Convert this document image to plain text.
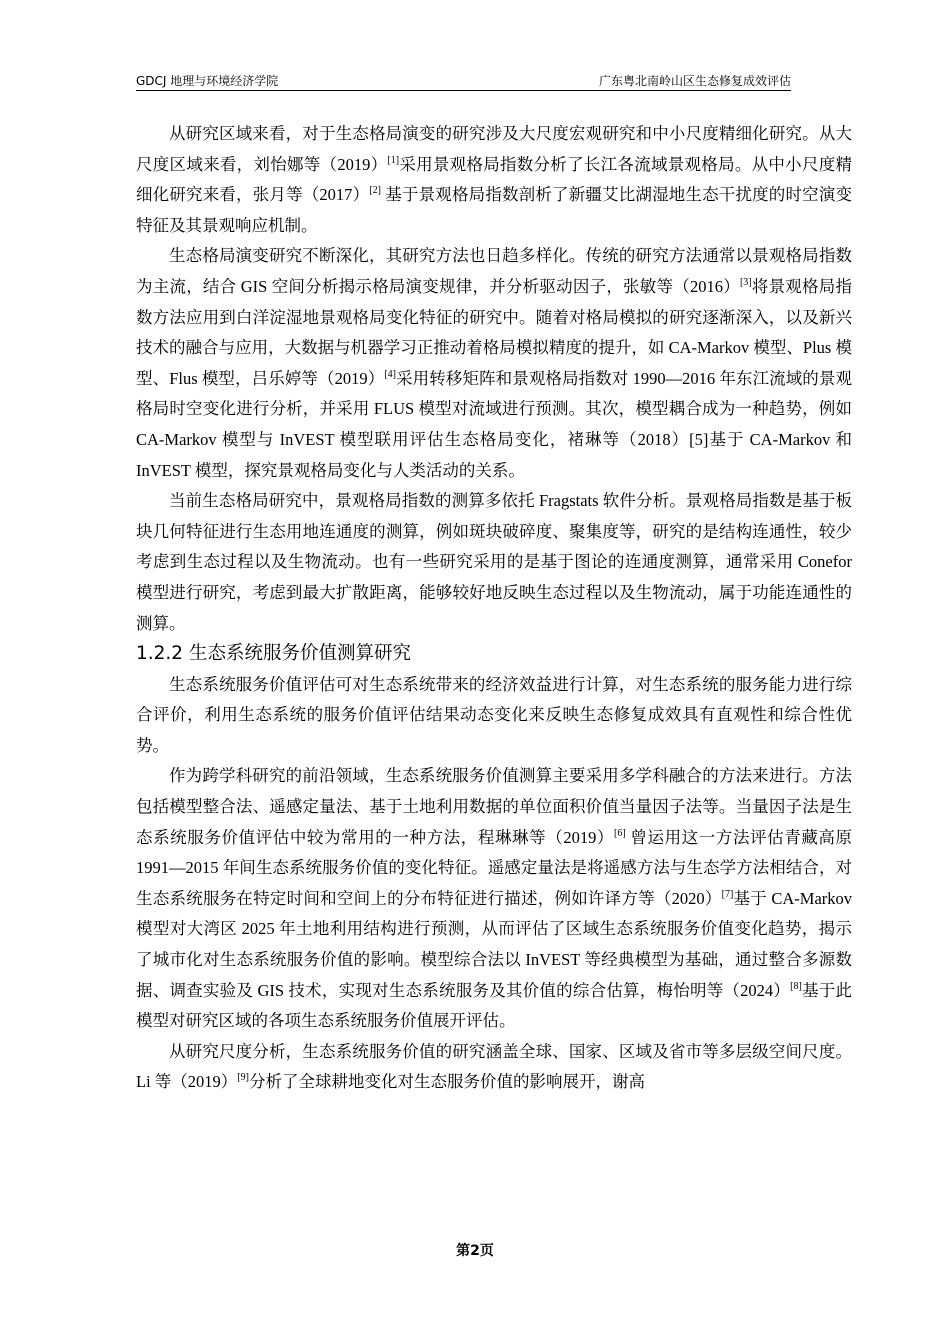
GDCJ 地理与环境经济学院	广东粤北南岭山区生态修复成效评估

从研究区域来看，对于生态格局演变的研究涉及大尺度宏观研究和中小尺度精细化研究。从大尺度区域来看，刘怡娜等（2019）[1]采用景观格局指数分析了长江各流域景观格局。从中小尺度精细化研究来看，张月等（2017）[2] 基于景观格局指数剖析了新疆艾比湖湿地生态干扰度的时空演变特征及其景观响应机制。

生态格局演变研究不断深化，其研究方法也日趋多样化。传统的研究方法通常以景观格局指数为主流，结合 GIS 空间分析揭示格局演变规律，并分析驱动因子，张敏等（2016）[3]将景观格局指数方法应用到白洋淀湿地景观格局变化特征的研究中。随着对格局模拟的研究逐渐深入，以及新兴技术的融合与应用，大数据与机器学习正推动着格局模拟精度的提升，如 CA-Markov 模型、Plus 模型、Flus 模型，吕乐婷等（2019）[4]采用转移矩阵和景观格局指数对 1990—2016 年东江流域的景观格局时空变化进行分析，并采用 FLUS 模型对流域进行预测。其次，模型耦合成为一种趋势，例如 CA-Markov 模型与 InVEST 模型联用评估生态格局变化，褚琳等（2018）[5]基于 CA-Markov 和 InVEST 模型，探究景观格局变化与人类活动的关系。

当前生态格局研究中，景观格局指数的测算多依托 Fragstats 软件分析。景观格局指数是基于板块几何特征进行生态用地连通度的测算，例如斑块破碎度、聚集度等，研究的是结构连通性，较少考虑到生态过程以及生物流动。也有一些研究采用的是基于图论的连通度测算，通常采用 Conefor 模型进行研究，考虑到最大扩散距离，能够较好地反映生态过程以及生物流动，属于功能连通性的测算。

1.2.2 生态系统服务价值测算研究

生态系统服务价值评估可对生态系统带来的经济效益进行计算，对生态系统的服务能力进行综合评价，利用生态系统的服务价值评估结果动态变化来反映生态修复成效具有直观性和综合性优势。

作为跨学科研究的前沿领域，生态系统服务价值测算主要采用多学科融合的方法来进行。方法包括模型整合法、遥感定量法、基于土地利用数据的单位面积价值当量因子法等。当量因子法是生态系统服务价值评估中较为常用的一种方法，程琳琳等（2019）[6] 曾运用这一方法评估青藏高原 1991—2015 年间生态系统服务价值的变化特征。遥感定量法是将遥感方法与生态学方法相结合，对生态系统服务在特定时间和空间上的分布特征进行描述，例如许译方等（2020）[7]基于 CA-Markov 模型对大湾区 2025 年土地利用结构进行预测，从而评估了区域生态系统服务价值变化趋势，揭示了城市化对生态系统服务价值的影响。模型综合法以 InVEST 等经典模型为基础，通过整合多源数据、调查实验及 GIS 技术，实现对生态系统服务及其价值的综合估算，梅怡明等（2024）[8]基于此模型对研究区域的各项生态系统服务价值展开评估。

从研究尺度分析，生态系统服务价值的研究涵盖全球、国家、区域及省市等多层级空间尺度。Li 等（2019）[9]分析了全球耕地变化对生态服务价值的影响展开，谢高

第2页
